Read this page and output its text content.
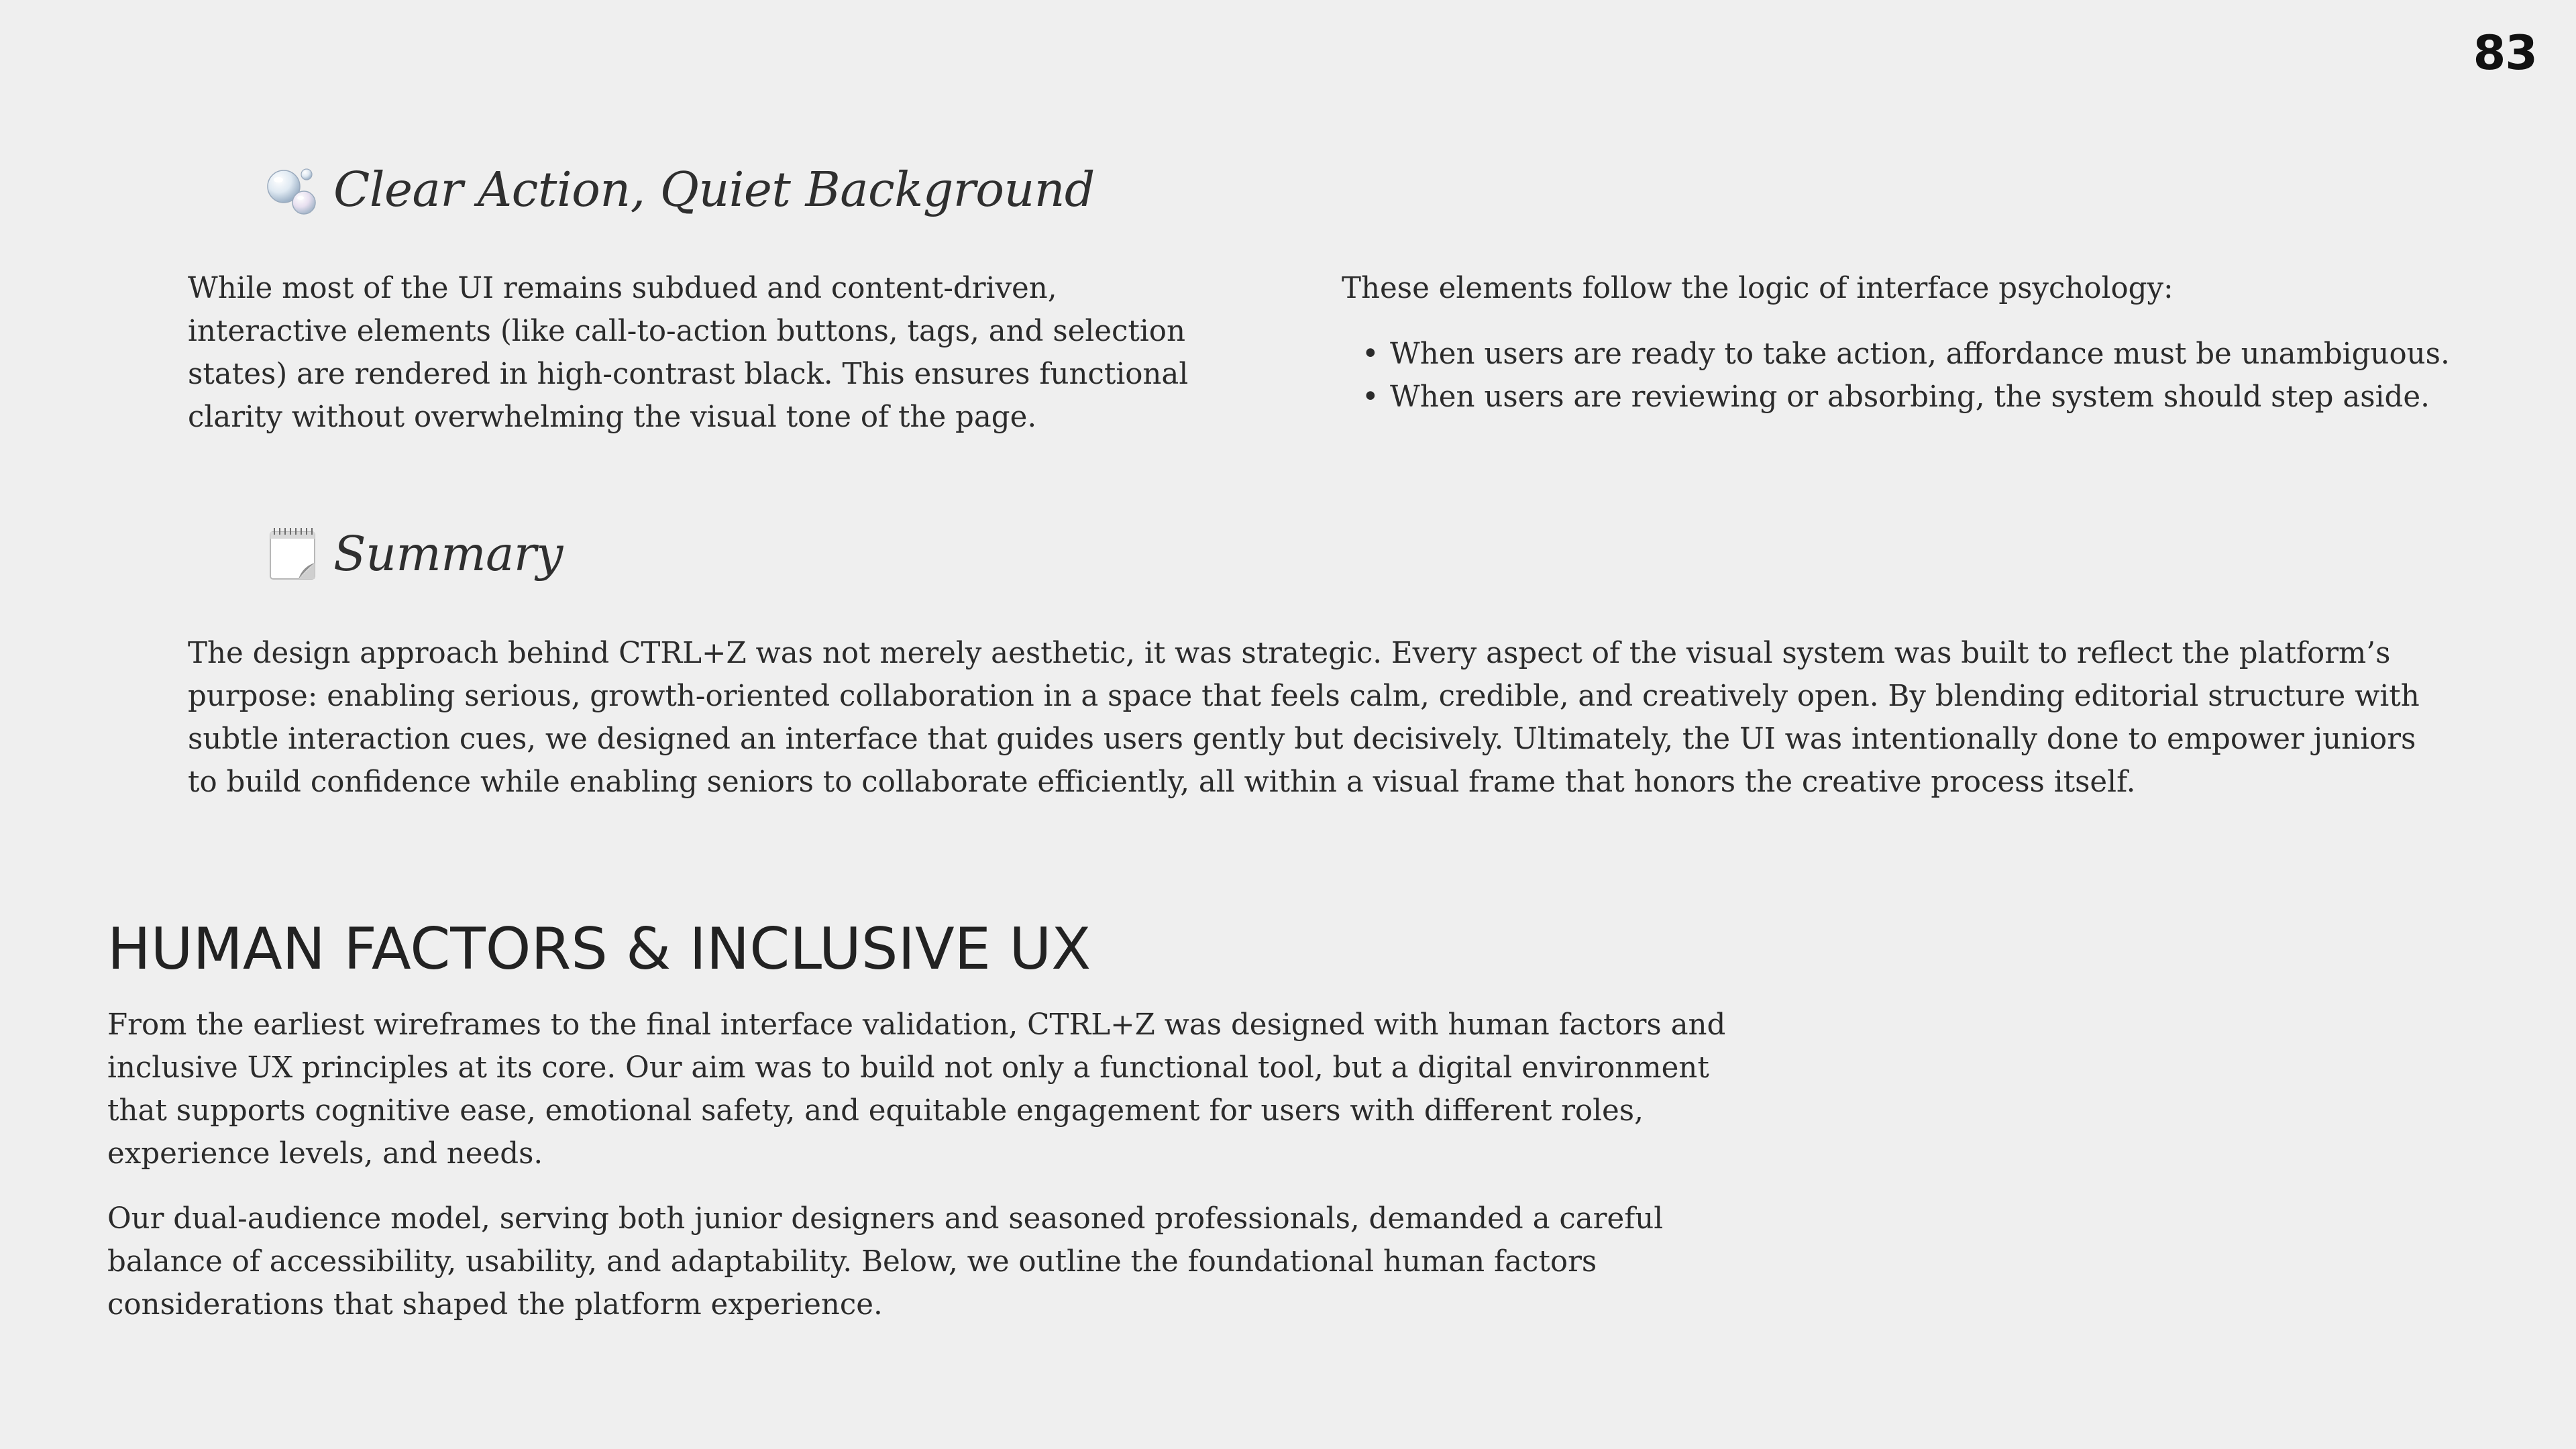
83
Clear Action, Quiet Background

While most of the UI remains subdued and content-driven, interactive elements (like call-to-action buttons, tags, and selection states) are rendered in high-contrast black. This ensures functional clarity without overwhelming the visual tone of the page.

These elements follow the logic of interface psychology:

• When users are ready to take action, affordance must be unambiguous.
• When users are reviewing or absorbing, the system should step aside.
Summary

The design approach behind CTRL+Z was not merely aesthetic, it was strategic. Every aspect of the visual system was built to reflect the platform’s purpose: enabling serious, growth-oriented collaboration in a space that feels calm, credible, and creatively open. By blending editorial structure with subtle interaction cues, we designed an interface that guides users gently but decisively. Ultimately, the UI was intentionally done to empower juniors to build confidence while enabling seniors to collaborate efficiently, all within a visual frame that honors the creative process itself.

HUMAN FACTORS & INCLUSIVE UX

From the earliest wireframes to the final interface validation, CTRL+Z was designed with human factors and inclusive UX principles at its core. Our aim was to build not only a functional tool, but a digital environment that supports cognitive ease, emotional safety, and equitable engagement for users with different roles, experience levels, and needs.

Our dual-audience model, serving both junior designers and seasoned professionals, demanded a careful balance of accessibility, usability, and adaptability. Below, we outline the foundational human factors considerations that shaped the platform experience.
